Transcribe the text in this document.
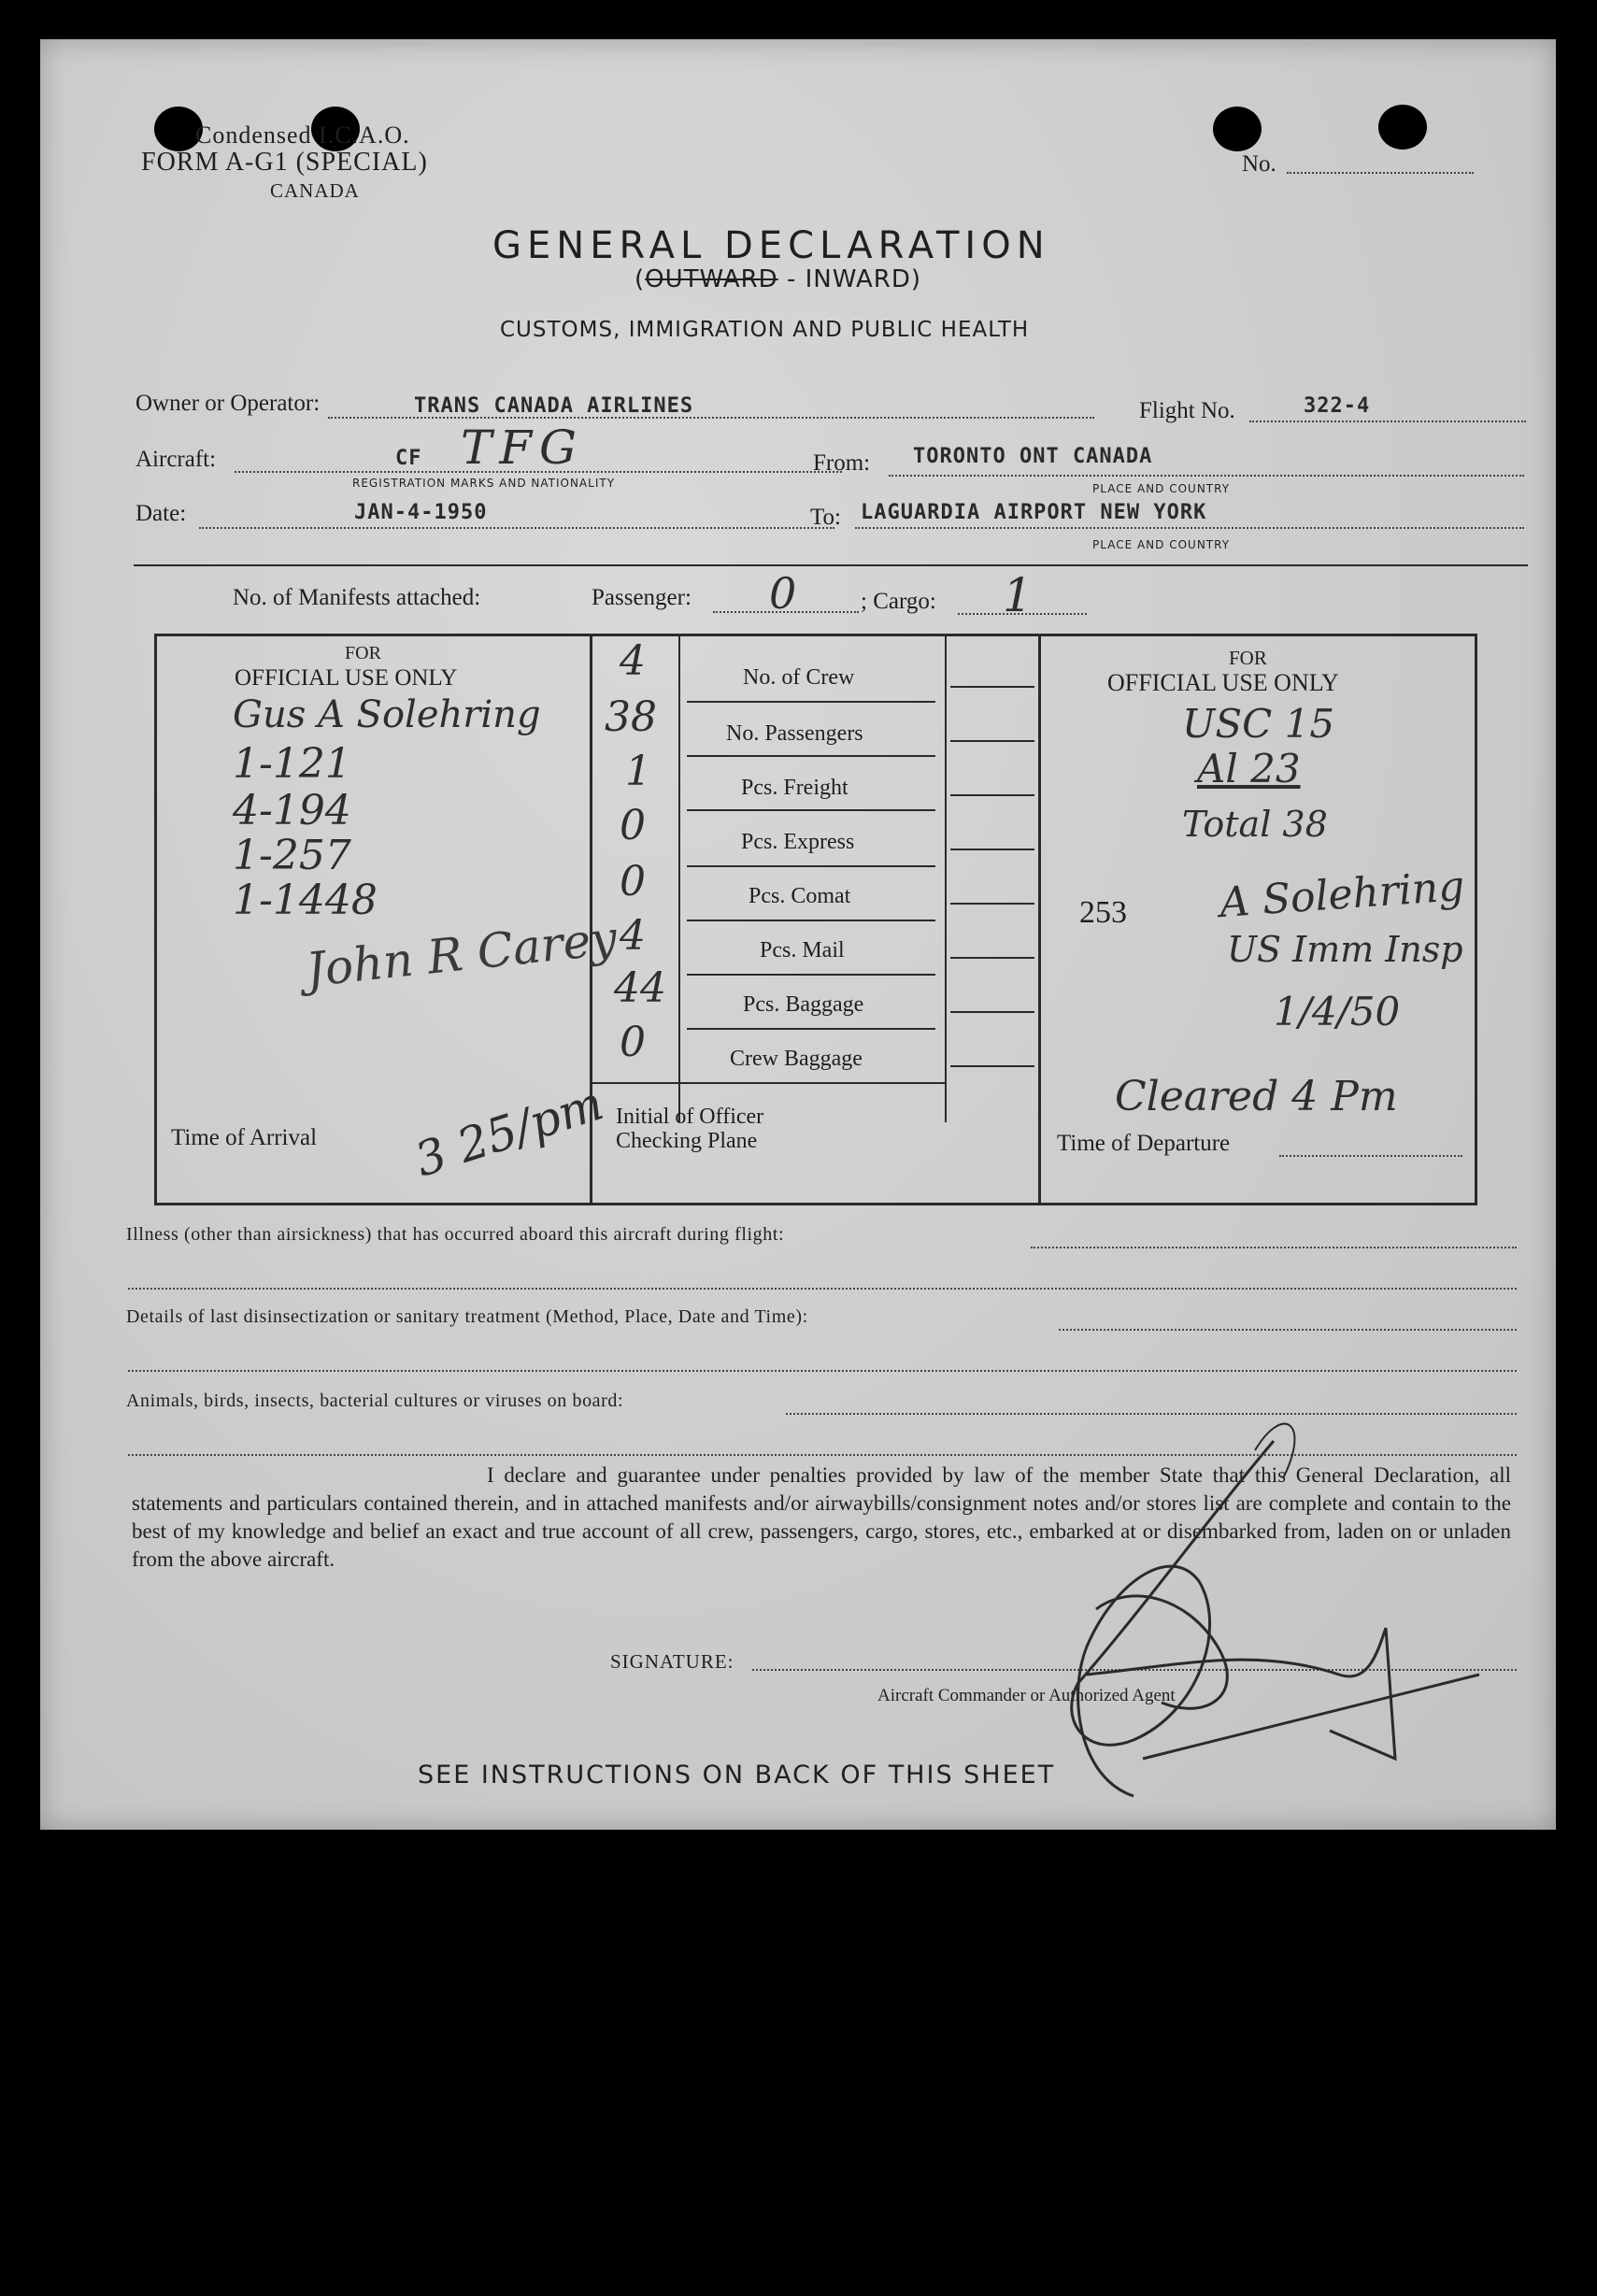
Condensed I.C.A.O.
FORM A-G1 (SPECIAL)
CANADA
No.
GENERAL DECLARATION
(OUTWARD - INWARD)
CUSTOMS, IMMIGRATION AND PUBLIC HEALTH
Owner or Operator:	TRANS CANADA AIRLINES	Flight No.	322-4
Aircraft:	CF TFG
REGISTRATION MARKS AND NATIONALITY
From: TORONTO ONT CANADA
PLACE AND COUNTRY
Date:	JAN-4-1950	To: LAGUARDIA AIRPORT NEW YORK
PLACE AND COUNTRY
No. of Manifests attached:	Passenger: 0	; Cargo: 1
FOR
OFFICIAL USE ONLY
Gus A Solehring
1-121
4-194
1-257
1-1448
John R Carey
Time of Arrival 3 25/pm
4	No. of Crew
38	No. Passengers
1	Pcs. Freight
0	Pcs. Express
0	Pcs. Comat
4	Pcs. Mail
44	Pcs. Baggage
0	Crew Baggage
Initial of Officer
Checking Plane
FOR
OFFICIAL USE ONLY
USC 15
Al 23
Total 38
253 A Solehring
US Imm Insp
1/4/50
Cleared 4 Pm
Time of Departure
Illness (other than airsickness) that has occurred aboard this aircraft during flight:
Details of last disinsectization or sanitary treatment (Method, Place, Date and Time):
Animals, birds, insects, bacterial cultures or viruses on board:
I declare and guarantee under penalties provided by law of the member State that this General Declaration, all statements and particulars contained therein, and in attached manifests and/or airwaybills/consignment notes and/or stores list are complete and contain to the best of my knowledge and belief an exact and true account of all crew, passengers, cargo, stores, etc., embarked at or disembarked from, laden on or unladen from the above aircraft.
SIGNATURE:
Aircraft Commander or Authorized Agent
SEE INSTRUCTIONS ON BACK OF THIS SHEET
